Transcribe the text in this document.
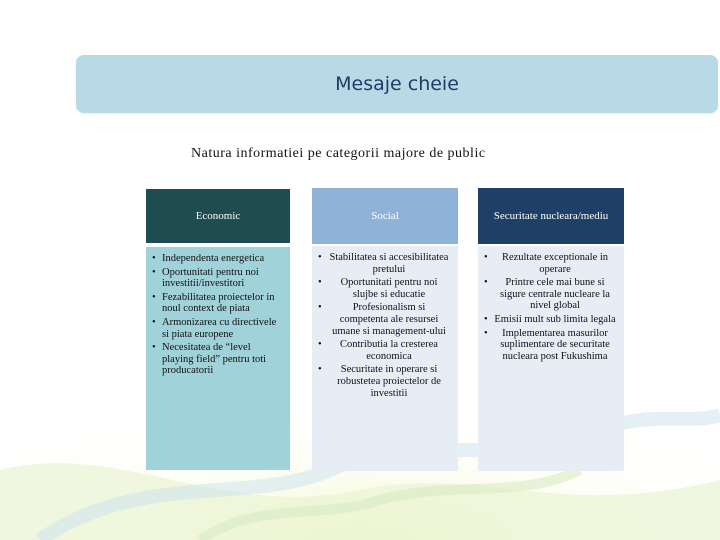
Mesaje cheie
Natura informatiei pe categorii majore de public
Economic
• Independenta energetica
• Oportunitati pentru noi investitii/investitori
• Fezabilitatea proiectelor in noul context de piata
• Armonizarea cu directivele si piata europene
• Necesitatea de “level playing field” pentru toti producatorii
Social
• Stabilitatea si accesibilitatea pretului
• Oportunitati pentru noi slujbe si educatie
• Profesionalism si competenta ale resursei umane si management-ului
• Contributia la cresterea economica
• Securitate in operare si robustetea proiectelor de investitii
Securitate nucleara/mediu
• Rezultate exceptionale in operare
• Printre cele mai bune si sigure centrale nucleare la nivel global
• Emisii mult sub limita legala
• Implementarea masurilor suplimentare de securitate nucleara post Fukushima
